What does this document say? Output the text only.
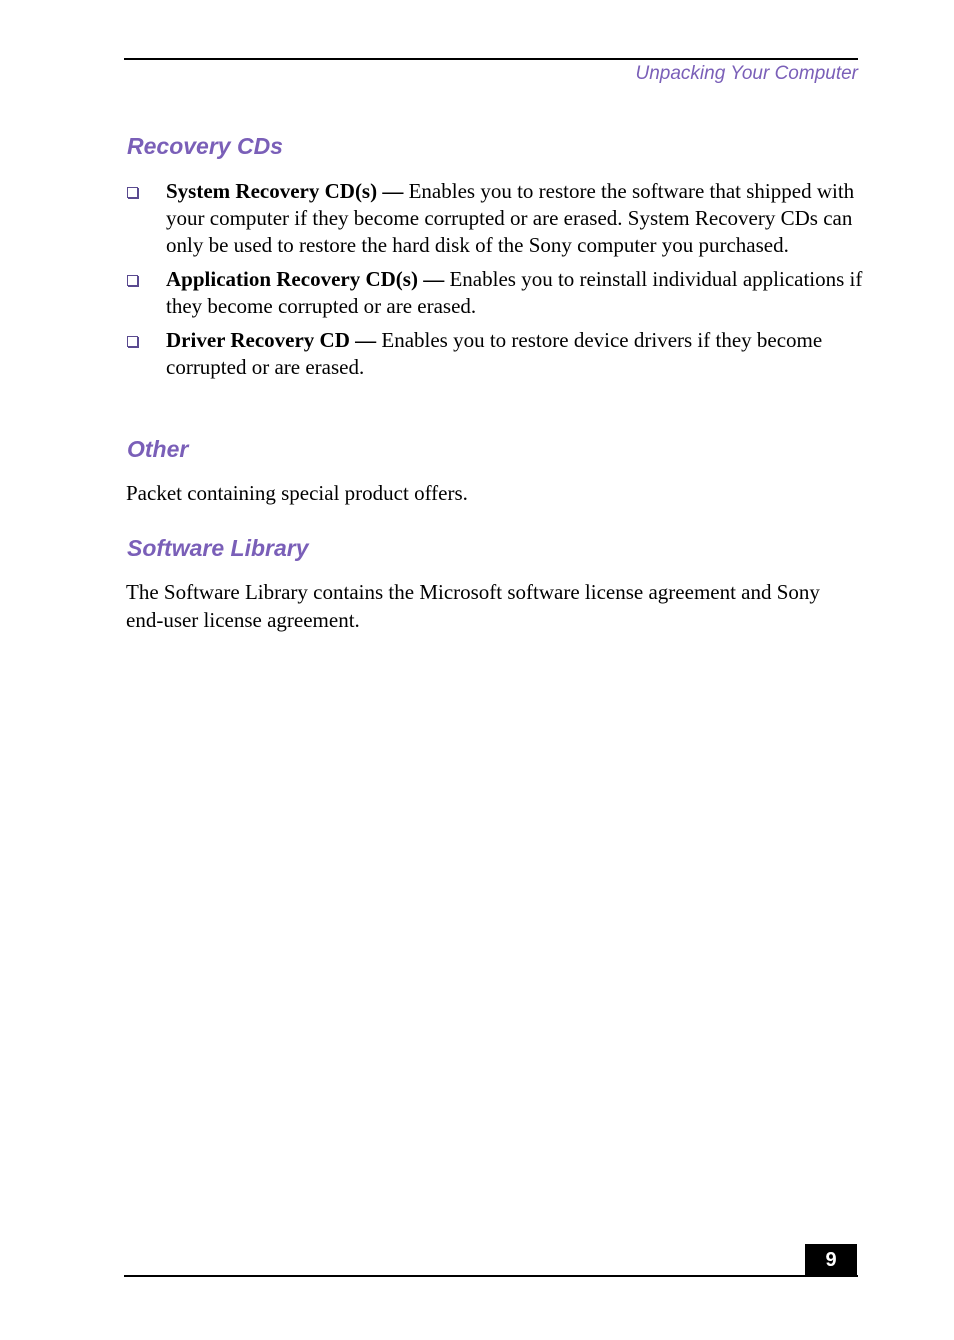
Unpacking Your Computer
Recovery CDs
System Recovery CD(s) — Enables you to restore the software that shipped with your computer if they become corrupted or are erased. System Recovery CDs can only be used to restore the hard disk of the Sony computer you purchased.
Application Recovery CD(s) — Enables you to reinstall individual applications if they become corrupted or are erased.
Driver Recovery CD — Enables you to restore device drivers if they become corrupted or are erased.
Other

Packet containing special product offers.

Software Library

The Software Library contains the Microsoft software license agreement and Sony end-user license agreement.

9
